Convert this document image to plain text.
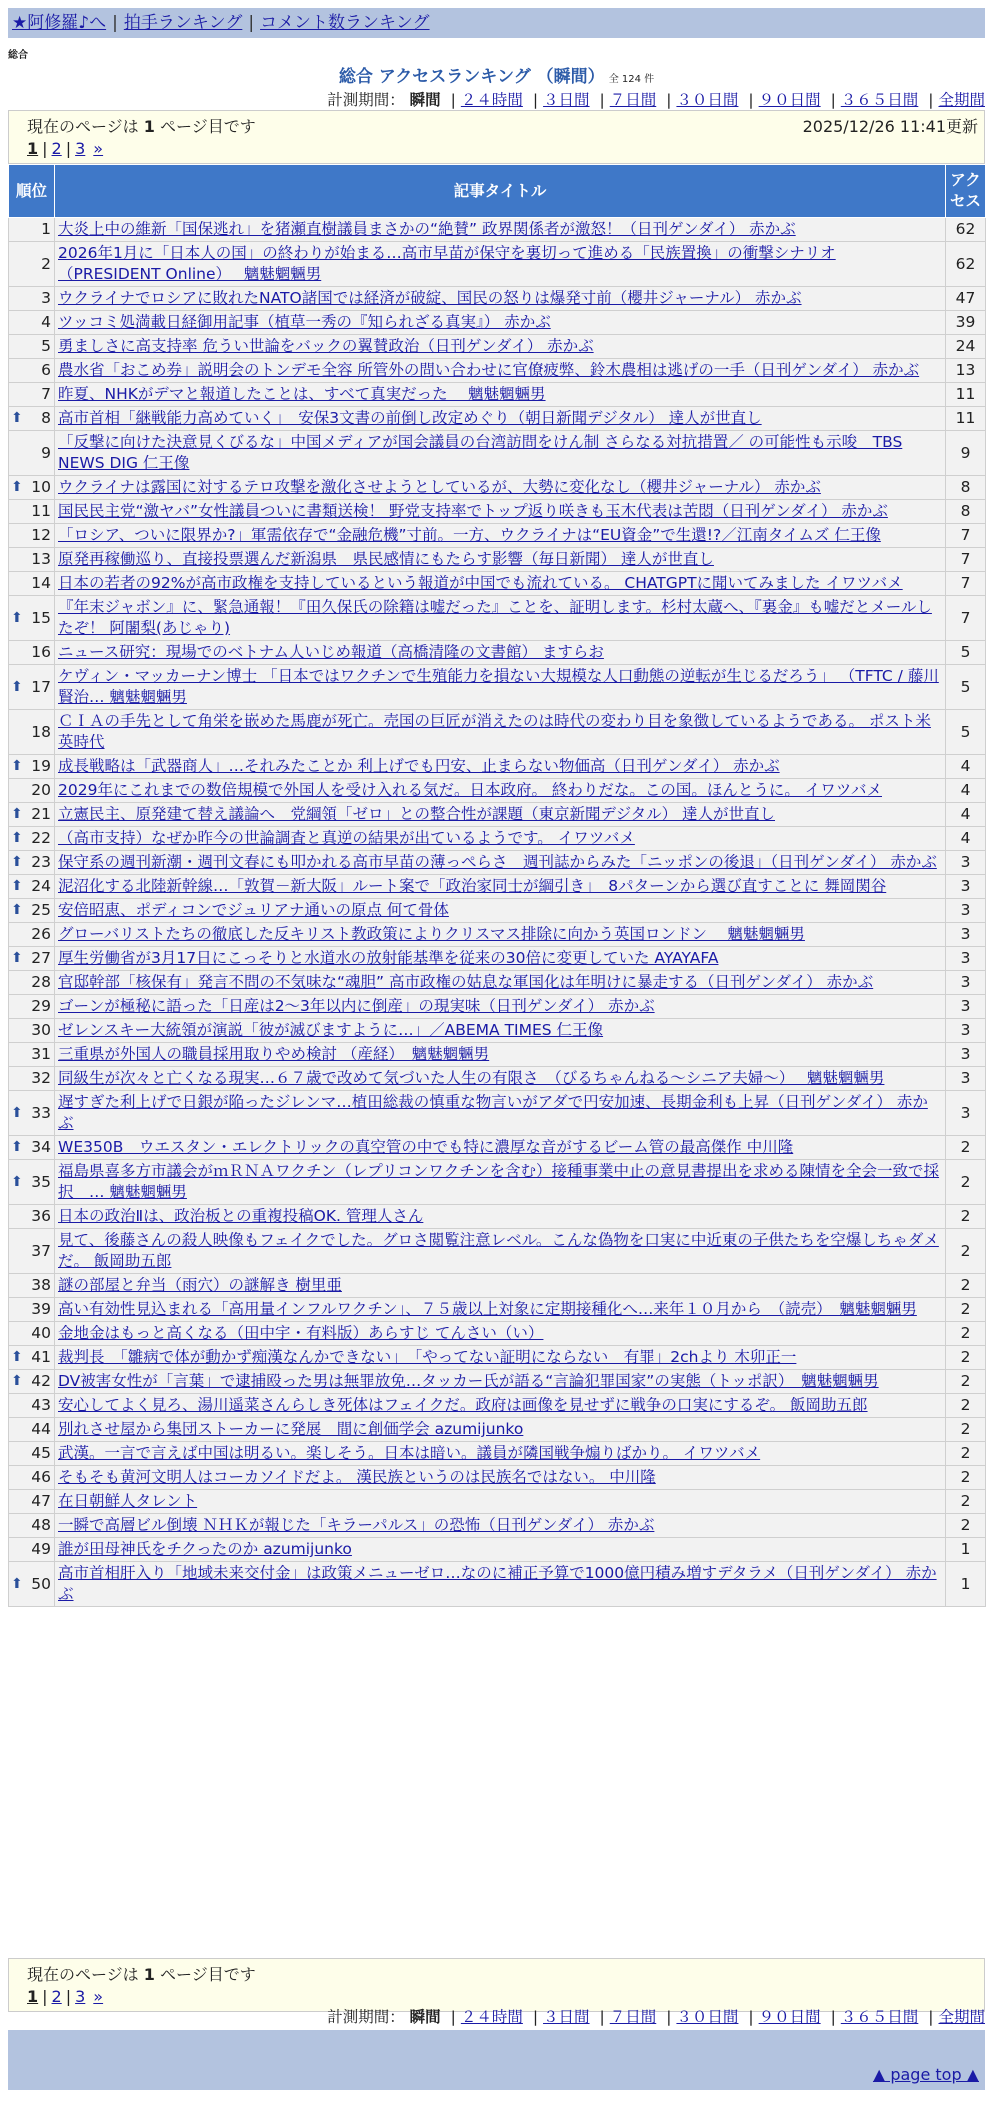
★阿修羅♪へ | 拍手ランキング | コメント数ランキング
総合
総合 アクセスランキング （瞬間） 全 124 件
計測期間： 瞬間 | ２４時間 | ３日間 | ７日間 | ３０日間 | ９０日間 | ３６５日間 | 全期間
現在のページは 1 ページ目です	2025/12/26 11:41更新
1 | 2 | 3 »
順位	記事タイトル	アクセス
1	大炎上中の維新「国保逃れ」を猪瀬直樹議員まさかの“絶賛” 政界関係者が激怒！（日刊ゲンダイ） 赤かぶ	62
2	2026年1月に「日本人の国」の終わりが始まる…高市早苗が保守を裏切って進める「民族置換」の衝撃シナリオ （PRESIDENT Online）　 魑魅魍魎男	62
3	ウクライナでロシアに敗れたNATO諸国では経済が破綻、国民の怒りは爆発寸前（櫻井ジャーナル） 赤かぶ	47
4	ツッコミ処満載日経御用記事（植草一秀の『知られざる真実』） 赤かぶ	39
5	勇ましさに高支持率 危うい世論をバックの翼賛政治（日刊ゲンダイ） 赤かぶ	24
6	農水省「おこめ券」説明会のトンデモ全容 所管外の問い合わせに官僚疲弊、鈴木農相は逃げの一手（日刊ゲンダイ） 赤かぶ	13
7	昨夏、NHKがデマと報道したことは、すべて真実だった　 魑魅魍魎男	11

⬆ 8	高市首相「継戦能力高めていく」　安保3文書の前倒し改定めぐり（朝日新聞デジタル） 達人が世直し	11
9	「反撃に向けた決意見くびるな」中国メディアが国会議員の台湾訪問をけん制 さらなる対抗措置／ の可能性も示唆　TBS NEWS DIG 仁王像	9

⬆ 10	ウクライナは露国に対するテロ攻撃を激化させようとしているが、大勢に変化なし（櫻井ジャーナル） 赤かぶ	8
11	国民民主党“激ヤバ”女性議員ついに書類送検！ 野党支持率でトップ返り咲きも玉木代表は苦悶（日刊ゲンダイ） 赤かぶ	8
12	「ロシア、ついに限界か?」軍需依存で“金融危機”寸前。一方、ウクライナは“EU資金”で生還!?／江南タイムズ 仁王像	7
13	原発再稼働巡り、直接投票選んだ新潟県　県民感情にもたらす影響（毎日新聞） 達人が世直し	7
14	日本の若者の92%が高市政権を支持しているという報道が中国でも流れている。 CHATGPTに聞いてみました イワツバメ	7

⬆ 15	『年末ジャボン』に、緊急通報！『田久保氏の除籍は嘘だった』ことを、証明します。杉村太蔵へ、『裏金』も嘘だとメールしたぞ！ 阿闍梨(あじゃり)	7
16	ニュース研究：現場でのベトナム人いじめ報道（高橋清隆の文書館） ますらお	5

⬆ 17	ケヴィン・マッカーナン博士 「日本ではワクチンで生殖能力を損ない大規模な人口動態の逆転が生じるだろう」 （TFTC / 藤川賢治… 魑魅魍魎男	5
18	ＣＩＡの手先として角栄を嵌めた馬鹿が死亡。売国の巨匠が消えたのは時代の変わり目を象徴しているようである。 ポスト米英時代	5

⬆ 19	成長戦略は「武器商人」…それみたことか 利上げでも円安、止まらない物価高（日刊ゲンダイ） 赤かぶ	4
20	2029年にこれまでの数倍規模で外国人を受け入れる気だ。日本政府。 終わりだな。この国。ほんとうに。 イワツバメ	4

⬆ 21	立憲民主、原発建て替え議論へ　党綱領「ゼロ」との整合性が課題（東京新聞デジタル） 達人が世直し	4

⬆ 22	（高市支持）なぜか昨今の世論調査と真逆の結果が出ているようです。 イワツバメ	4

⬆ 23	保守系の週刊新潮・週刊文春にも叩かれる高市早苗の薄っぺらさ　週刊誌からみた「ニッポンの後退」（日刊ゲンダイ） 赤かぶ	3

⬆ 24	泥沼化する北陸新幹線…「敦賀－新大阪」ルート案で「政治家同士が綱引き」　8パターンから選び直すことに 舞岡関谷	3

⬆ 25	安倍昭恵、ポディコンでジュリアナ通いの原点 何て骨体	3
26	グローバリストたちの徹底した反キリスト教政策によりクリスマス排除に向かう英国ロンドン　 魑魅魍魎男	3

⬆ 27	厚生労働省が3月17日にこっそりと水道水の放射能基準を従来の30倍に変更していた AYAYAFA	3
28	官邸幹部「核保有」発言不問の不気味な“魂胆” 高市政権の姑息な軍国化は年明けに暴走する（日刊ゲンダイ） 赤かぶ	3
29	ゴーンが極秘に語った「日産は2～3年以内に倒産」の現実味（日刊ゲンダイ） 赤かぶ	3
30	ゼレンスキー大統領が演説「彼が滅びますように…」／ABEMA TIMES 仁王像	3
31	三重県が外国人の職員採用取りやめ検討 （産経）　魑魅魍魎男	3
32	同級生が次々と亡くなる現実…６７歳で改めて気づいた人生の有限さ　（びるちゃんねる～シニア夫婦～）　 魑魅魍魎男	3

⬆ 33	遅すぎた利上げで日銀が陥ったジレンマ…植田総裁の慎重な物言いがアダで円安加速、長期金利も上昇（日刊ゲンダイ） 赤かぶ	3

⬆ 34	WE350B　ウエスタン・エレクトリックの真空管の中でも特に濃厚な音がするビーム管の最高傑作 中川隆	2

⬆ 35	福島県喜多方市議会がｍＲＮＡワクチン（レプリコンワクチンを含む）接種事業中止の意見書提出を求める陳情を全会一致で採択　… 魑魅魍魎男	2
36	日本の政治Ⅱは、政治板との重複投稿OK. 管理人さん	2
37	見て、後藤さんの殺人映像もフェイクでした。グロさ閲覧注意レベル。こんな偽物を口実に中近東の子供たちを空爆しちゃダメだ。 飯岡助五郎	2
38	謎の部屋と弁当（雨穴）の謎解き 樹里亜	2
39	高い有効性見込まれる「高用量インフルワクチン」、７５歳以上対象に定期接種化へ…来年１０月から　（読売）　魑魅魍魎男	2
40	金地金はもっと高くなる（田中宇・有料版）あらすじ てんさい（い）	2

⬆ 41	裁判長　「雛病で体が動かず痴漢なんかできない」　「やってない証明にならない　有罪」2chより 木卯正一	2

⬆ 42	DV被害女性が「言葉」で逮捕殴った男は無罪放免…タッカー氏が語る“言論犯罪国家”の実態（トッポ訳）　魑魅魍魎男	2
43	安心してよく見ろ、湯川遥菜さんらしき死体はフェイクだ。政府は画像を見せずに戦争の口実にするぞ。 飯岡助五郎	2
44	別れさせ屋から集団ストーカーに発展　間に創価学会 azumijunko	2
45	武漢。一言で言えば中国は明るい。楽しそう。日本は暗い。議員が隣国戦争煽りばかり。 イワツバメ	2
46	そもそも黄河文明人はコーカソイドだよ。 漢民族というのは民族名ではない。 中川隆	2
47	在日朝鮮人タレント	2
48	一瞬で高層ビル倒壊 ＮＨＫが報じた「キラーパルス」の恐怖（日刊ゲンダイ） 赤かぶ	2
49	誰が田母神氏をチクったのか azumijunko	1

⬆ 50	高市首相肝入り「地域未来交付金」は政策メニューゼロ…なのに補正予算で1000億円積み増すデタラメ（日刊ゲンダイ） 赤かぶ	1
現在のページは 1 ページ目です
1 | 2 | 3 »
計測期間： 瞬間 | ２４時間 | ３日間 | ７日間 | ３０日間 | ９０日間 | ３６５日間 | 全期間
▲ page top ▲
